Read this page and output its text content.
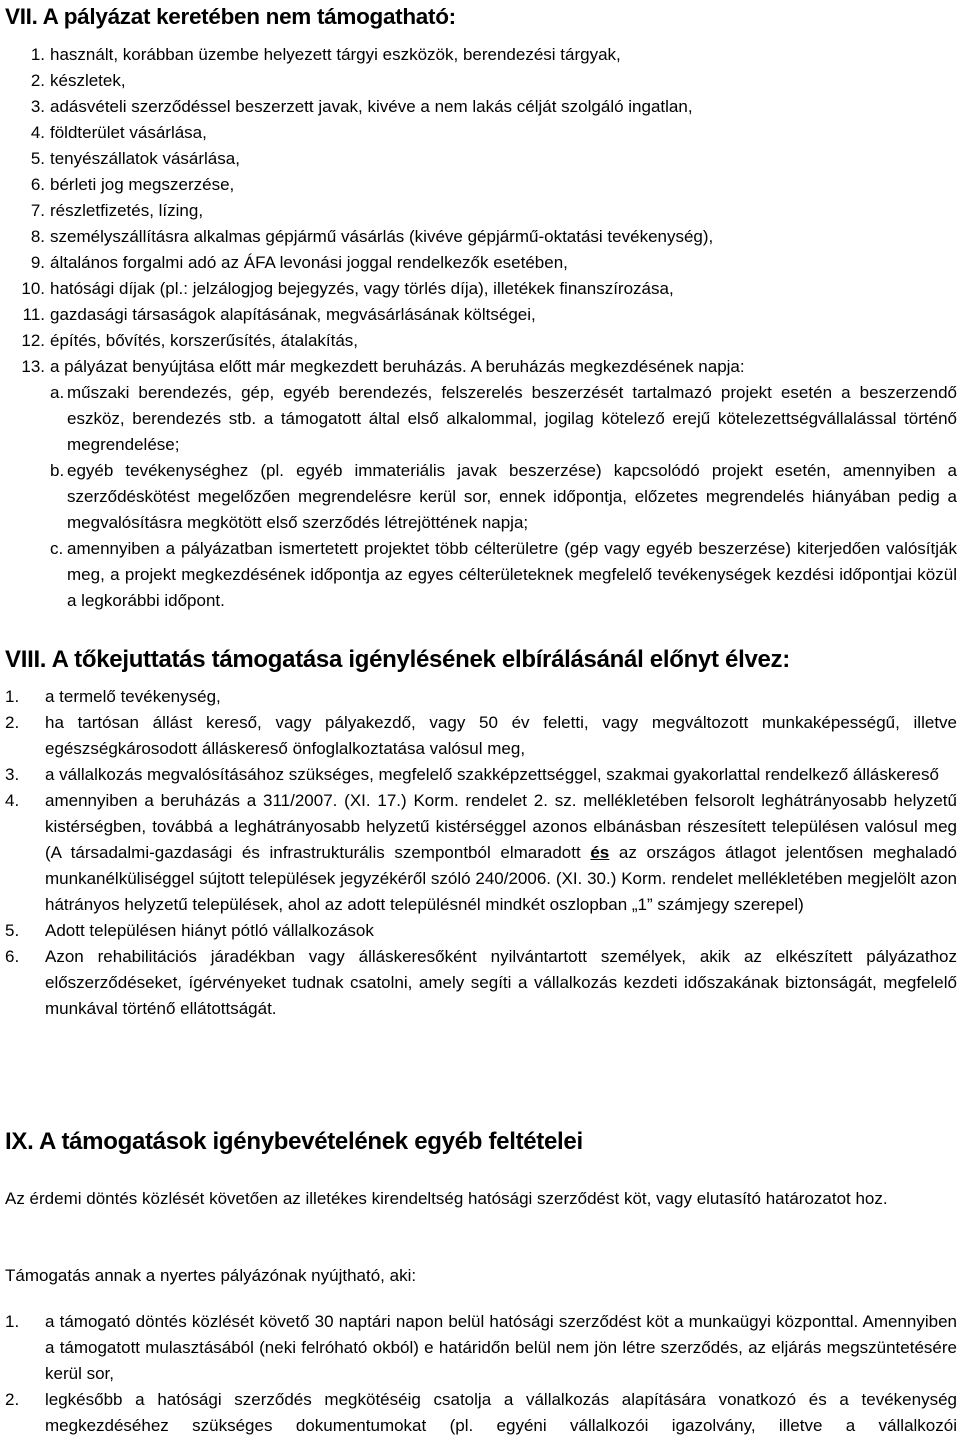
VII. A pályázat keretében nem támogatható:
1. használt, korábban üzembe helyezett tárgyi eszközök, berendezési tárgyak,
2. készletek,
3. adásvételi szerződéssel beszerzett javak, kivéve a nem lakás célját szolgáló ingatlan,
4. földterület vásárlása,
5. tenyészállatok vásárlása,
6. bérleti jog megszerzése,
7. részletfizetés, lízing,
8. személyszállításra alkalmas gépjármű vásárlás (kivéve gépjármű-oktatási tevékenység),
9. általános forgalmi adó az ÁFA levonási joggal rendelkezők esetében,
10. hatósági díjak (pl.: jelzálogjog bejegyzés, vagy törlés díja), illetékek finanszírozása,
11. gazdasági társaságok alapításának, megvásárlásának költségei,
12. építés, bővítés, korszerűsítés, átalakítás,
13. a pályázat benyújtása előtt már megkezdett beruházás. A beruházás megkezdésének napja:
a. műszaki berendezés, gép, egyéb berendezés, felszerelés beszerzését tartalmazó projekt esetén a beszerzendő eszköz, berendezés stb. a támogatott által első alkalommal, jogilag kötelező erejű kötelezettségvállalással történő megrendelése;
b. egyéb tevékenységhez (pl. egyéb immateriális javak beszerzése) kapcsolódó projekt esetén, amennyiben a szerződéskötést megelőzően megrendelésre kerül sor, ennek időpontja, előzetes megrendelés hiányában pedig a megvalósításra megkötött első szerződés létrejöttének napja;
c. amennyiben a pályázatban ismertetett projektet több célterületre (gép vagy egyéb beszerzése) kiterjedően valósítják meg, a projekt megkezdésének időpontja az egyes célterületeknek megfelelő tevékenységek kezdési időpontjai közül a legkorábbi időpont.
VIII. A tőkejuttatás támogatása igénylésének elbírálásánál előnyt élvez:
1. a termelő tevékenység,
2. ha tartósan állást kereső, vagy pályakezdő, vagy 50 év feletti, vagy megváltozott munkaképességű, illetve egészségkárosodott álláskereső önfoglalkoztatása valósul meg,
3. a vállalkozás megvalósításához szükséges, megfelelő szakképzettséggel, szakmai gyakorlattal rendelkező álláskereső
4. amennyiben a beruházás a 311/2007. (XI. 17.) Korm. rendelet 2. sz. mellékletében felsorolt leghátrányosabb helyzetű kistérségben, továbbá a leghátrányosabb helyzetű kistérséggel azonos elbánásban részesített településen valósul meg (A társadalmi-gazdasági és infrastrukturális szempontból elmaradott és az országos átlagot jelentősen meghaladó munkanélküliséggel sújtott települések jegyzékéről szóló 240/2006. (XI. 30.) Korm. rendelet mellékletében megjelölt azon hátrányos helyzetű települések, ahol az adott településnél mindkét oszlopban „1” számjegy szerepel)
5. Adott településen hiányt pótló vállalkozások
6. Azon rehabilitációs járadékban vagy álláskeresőként nyilvántartott személyek, akik az elkészített pályázathoz előszerződéseket, ígérvényeket tudnak csatolni, amely segíti a vállalkozás kezdeti időszakának biztonságát, megfelelő munkával történő ellátottságát.
IX. A támogatások igénybevételének egyéb feltételei
Az érdemi döntés közlését követően az illetékes kirendeltség hatósági szerződést köt, vagy elutasító határozatot hoz.
Támogatás annak a nyertes pályázónak nyújtható, aki:
1. a támogató döntés közlését követő 30 naptári napon belül hatósági szerződést köt a munkaügyi központtal. Amennyiben a támogatott mulasztásából (neki felróható okból) e határidőn belül nem jön létre szerződés, az eljárás megszüntetésére kerül sor,
2. legkésőbb a hatósági szerződés megkötéséig csatolja a vállalkozás alapítására vonatkozó és a tevékenység megkezdéséhez szükséges dokumentumokat (pl. egyéni vállalkozói igazolvány, illetve a vállalkozói
